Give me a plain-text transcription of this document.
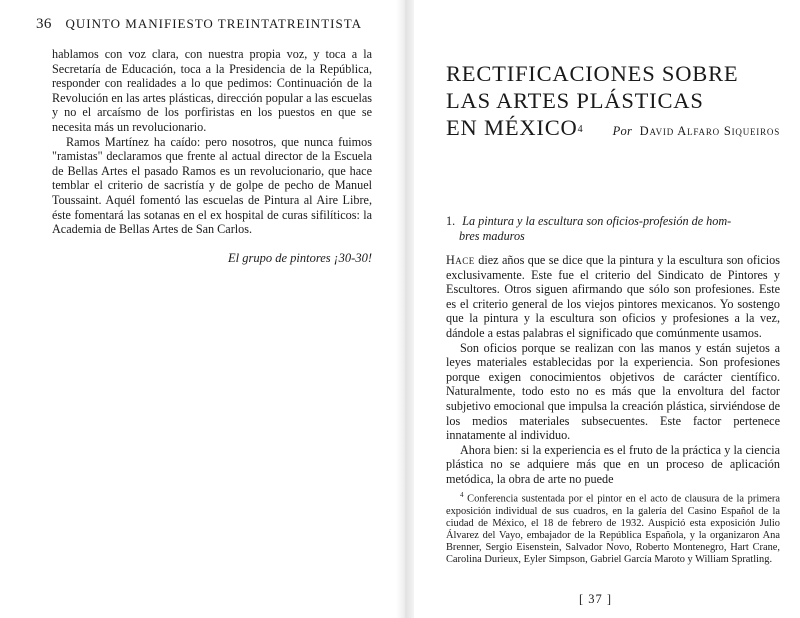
36 QUINTO MANIFIESTO TREINTATREINTISTA

hablamos con voz clara, con nuestra propia voz, y toca a la Secretaría de Educación, toca a la Presidencia de la República, responder con realidades a lo que pedimos: Continuación de la Revolución en las artes plásticas, dirección popular a las escuelas y no el arcaísmo de los porfiristas en los puestos en que se necesita más un revolucionario.

Ramos Martínez ha caído: pero nosotros, que nunca fuimos "ramistas" declaramos que frente al actual director de la Escuela de Bellas Artes el pasado Ramos es un revolucionario, que hace temblar el criterio de sacristía y de golpe de pecho de Manuel Toussaint. Aquél fomentó las escuelas de Pintura al Aire Libre, éste fomentará las sotanas en el ex hospital de curas sifilíticos: la Academia de Bellas Artes de San Carlos.

El grupo de pintores ¡30-30!
RECTIFICACIONES SOBRE
LAS ARTES PLÁSTICAS
EN MÉXICO$^4$	Por David Alfaro Siqueiros
1. La pintura y la escultura son oficios-profesión de hom-
bres maduros

Hace diez años que se dice que la pintura y la escultura son oficios exclusivamente. Este fue el criterio del Sindicato de Pintores y Escultores. Otros siguen afirmando que sólo son profesiones. Este es el criterio general de los viejos pintores mexicanos. Yo sostengo que la pintura y la escultura son oficios y profesiones a la vez, dándole a estas palabras el significado que comúnmente usamos.

Son oficios porque se realizan con las manos y están sujetos a leyes materiales establecidas por la experiencia. Son profesiones porque exigen conocimientos objetivos de carácter científico. Naturalmente, todo esto no es más que la envoltura del factor subjetivo emocional que impulsa la creación plástica, sirviéndose de los medios materiales subsecuentes. Este factor pertenece innatamente al individuo.

Ahora bien: si la experiencia es el fruto de la práctica y la ciencia plástica no se adquiere más que en un proceso de aplicación metódica, la obra de arte no puede

$^4$ Conferencia sustentada por el pintor en el acto de clausura de la primera exposición individual de sus cuadros, en la galería del Casino Español de la ciudad de México, el 18 de febrero de 1932. Auspició esta exposición Julio Álvarez del Vayo, embajador de la República Española, y la organizaron Ana Brenner, Sergio Eisenstein, Salvador Novo, Roberto Montenegro, Hart Crane, Carolina Durieux, Eyler Simpson, Gabriel García Maroto y William Spratling.
[ 37 ]
